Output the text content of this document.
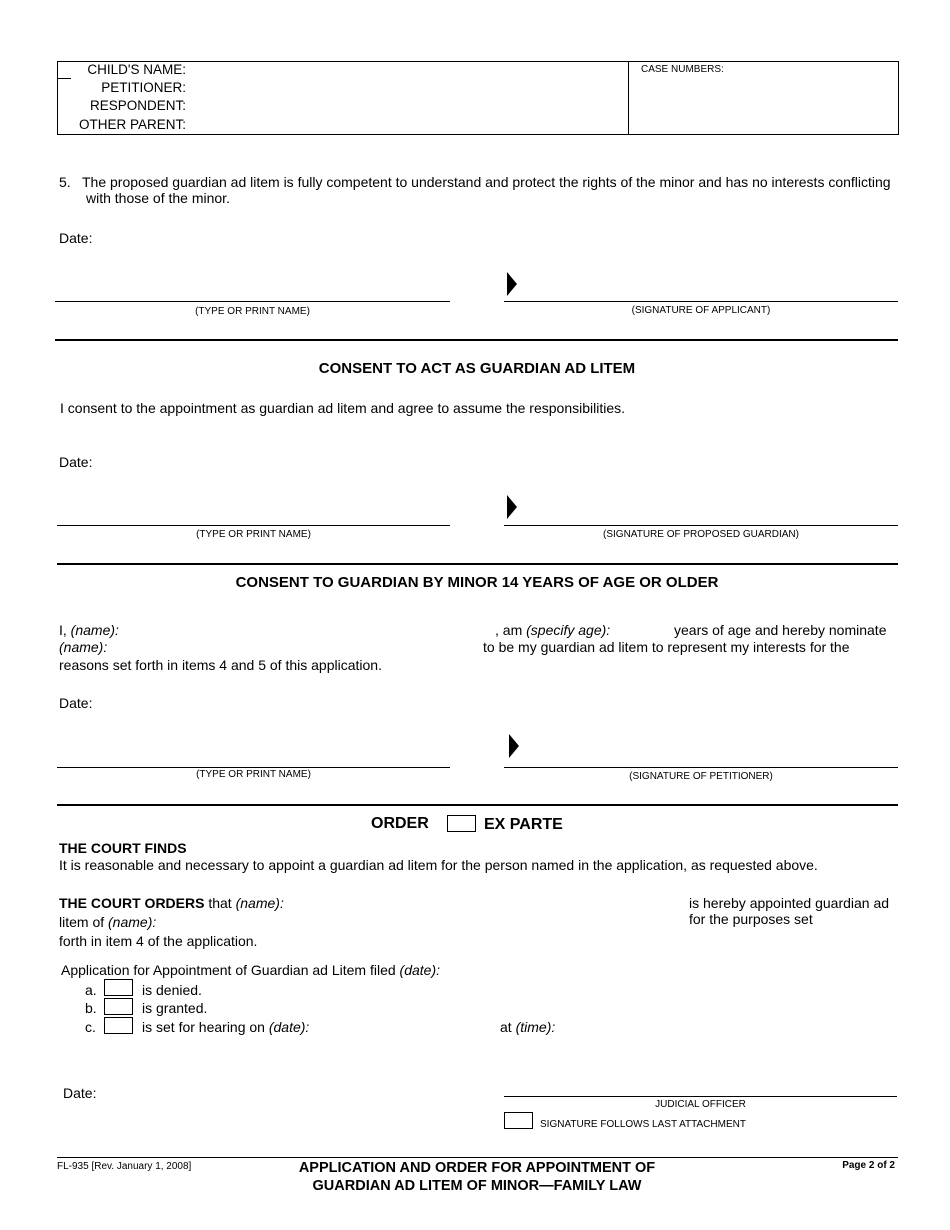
CHILD'S NAME:
PETITIONER:
RESPONDENT:
OTHER PARENT:
CASE NUMBERS:
5. The proposed guardian ad litem is fully competent to understand and protect the rights of the minor and has no interests conflicting
with those of the minor.
Date:
(TYPE OR PRINT NAME)	(SIGNATURE OF APPLICANT)
CONSENT TO ACT AS GUARDIAN AD LITEM
I consent to the appointment as guardian ad litem and agree to assume the responsibilities.
Date:
(TYPE OR PRINT NAME)	(SIGNATURE OF PROPOSED GUARDIAN)
CONSENT TO GUARDIAN BY MINOR 14 YEARS OF AGE OR OLDER
I, (name):	, am (specify age):	years of age and hereby nominate
(name):	to be my guardian ad litem to represent my interests for the
reasons set forth in items 4 and 5 of this application.
Date:
(TYPE OR PRINT NAME)	(SIGNATURE OF PETITIONER)
ORDER	EX PARTE
THE COURT FINDS
It is reasonable and necessary to appoint a guardian ad litem for the person named in the application, as requested above.
THE COURT ORDERS that (name):	is hereby appointed guardian ad
for the purposes set
litem of (name):
forth in item 4 of the application.
Application for Appointment of Guardian ad Litem filed (date):
a.	is denied.
b.	is granted.
c.	is set for hearing on (date):	at (time):
Date:
JUDICIAL OFFICER
SIGNATURE FOLLOWS LAST ATTACHMENT
FL-935 [Rev. January 1, 2008]	APPLICATION AND ORDER FOR APPOINTMENT OF
GUARDIAN AD LITEM OF MINOR—FAMILY LAW
Page 2 of 2
